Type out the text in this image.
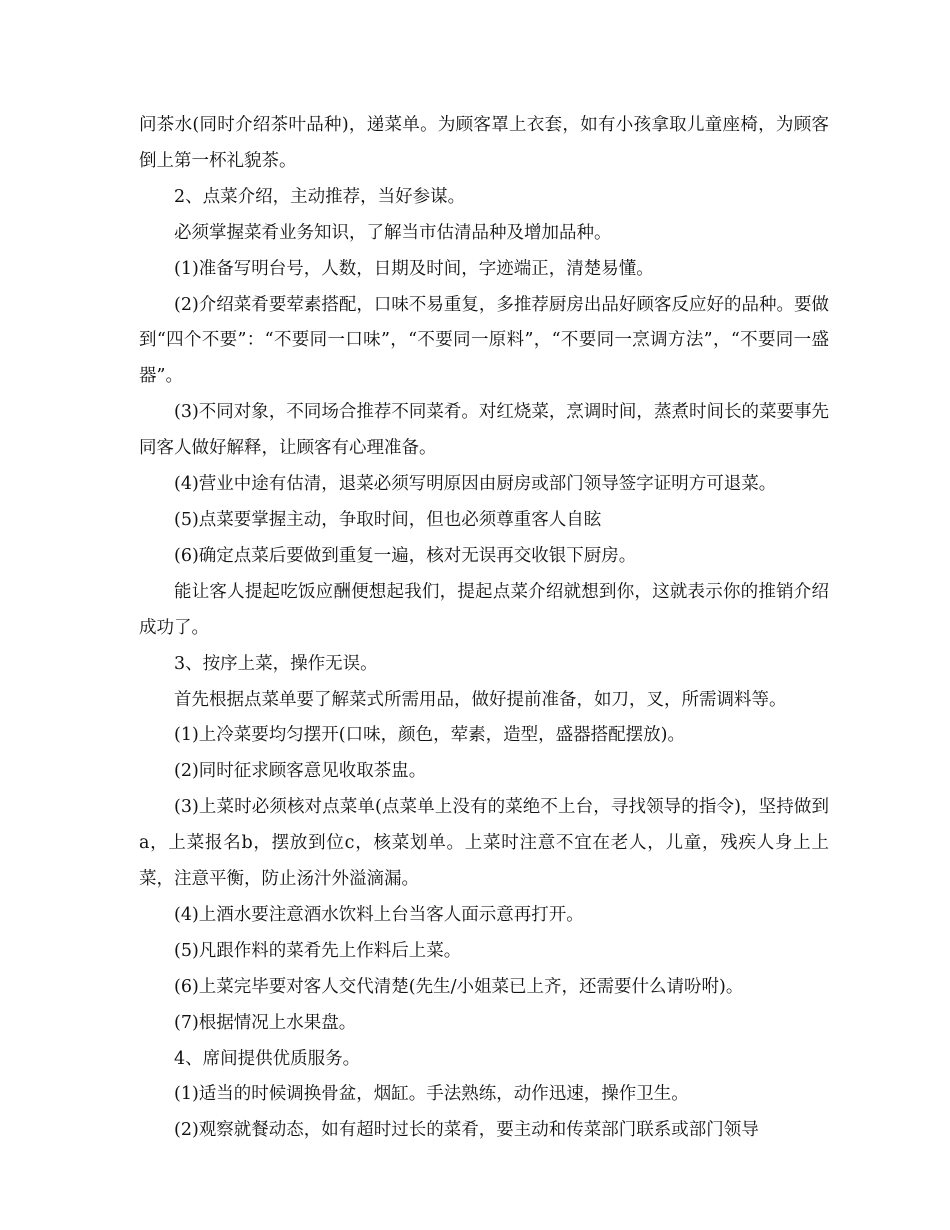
问茶水(同时介绍茶叶品种)，递菜单。为顾客罩上衣套，如有小孩拿取儿童座椅，为顾客倒上第一杯礼貌茶。

2、点菜介绍，主动推荐，当好参谋。

必须掌握菜肴业务知识，了解当市估清品种及增加品种。

(1)准备写明台号，人数，日期及时间，字迹端正，清楚易懂。

(2)介绍菜肴要荤素搭配，口味不易重复，多推荐厨房出品好顾客反应好的品种。要做到“四个不要”：“不要同一口味”，“不要同一原料”，“不要同一烹调方法”，“不要同一盛器”。

(3)不同对象，不同场合推荐不同菜肴。对红烧菜，烹调时间，蒸煮时间长的菜要事先同客人做好解释，让顾客有心理准备。

(4)营业中途有估清，退菜必须写明原因由厨房或部门领导签字证明方可退菜。

(5)点菜要掌握主动，争取时间，但也必须尊重客人自眩

(6)确定点菜后要做到重复一遍，核对无误再交收银下厨房。

能让客人提起吃饭应酬便想起我们，提起点菜介绍就想到你，这就表示你的推销介绍成功了。

3、按序上菜，操作无误。

首先根据点菜单要了解菜式所需用品，做好提前准备，如刀，叉，所需调料等。

(1)上冷菜要均匀摆开(口味，颜色，荤素，造型，盛器搭配摆放)。

(2)同时征求顾客意见收取茶盅。

(3)上菜时必须核对点菜单(点菜单上没有的菜绝不上台，寻找领导的指令)，坚持做到a，上菜报名b，摆放到位c，核菜划单。上菜时注意不宜在老人，儿童，残疾人身上上菜，注意平衡，防止汤汁外溢滴漏。

(4)上酒水要注意酒水饮料上台当客人面示意再打开。

(5)凡跟作料的菜肴先上作料后上菜。

(6)上菜完毕要对客人交代清楚(先生/小姐菜已上齐，还需要什么请吩咐)。

(7)根据情况上水果盘。

4、席间提供优质服务。

(1)适当的时候调换骨盆，烟缸。手法熟练，动作迅速，操作卫生。

(2)观察就餐动态，如有超时过长的菜肴，要主动和传菜部门联系或部门领导
